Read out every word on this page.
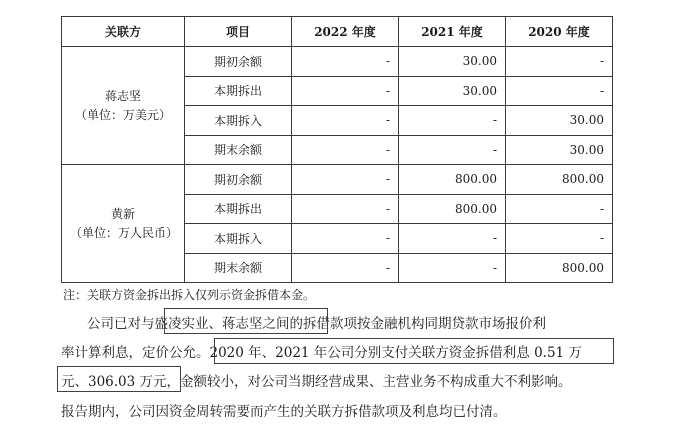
关联方	项目	2022 年度	2021 年度	2020 年度

蒋志坚
（单位：万美元）	期初余额	-	30.00	-
	本期拆出	-	30.00	-
	本期拆入	-	-	30.00
	期末余额	-	-	30.00

黄新
（单位：万人民币）	期初余额	-	800.00	800.00
	本期拆出	-	800.00	-
	本期拆入	-	-	-
	期末余额	-	-	800.00
注：关联方资金拆出拆入仅列示资金拆借本金。
公司已对与盛凌实业、蒋志坚之间的拆借款项按金融机构同期贷款市场报价利
率计算利息，定价公允。2020 年、2021 年公司分别支付关联方资金拆借利息 0.51 万
元、306.03 万元，金额较小，对公司当期经营成果、主营业务不构成重大不利影响。
报告期内，公司因资金周转需要而产生的关联方拆借款项及利息均已付清。
